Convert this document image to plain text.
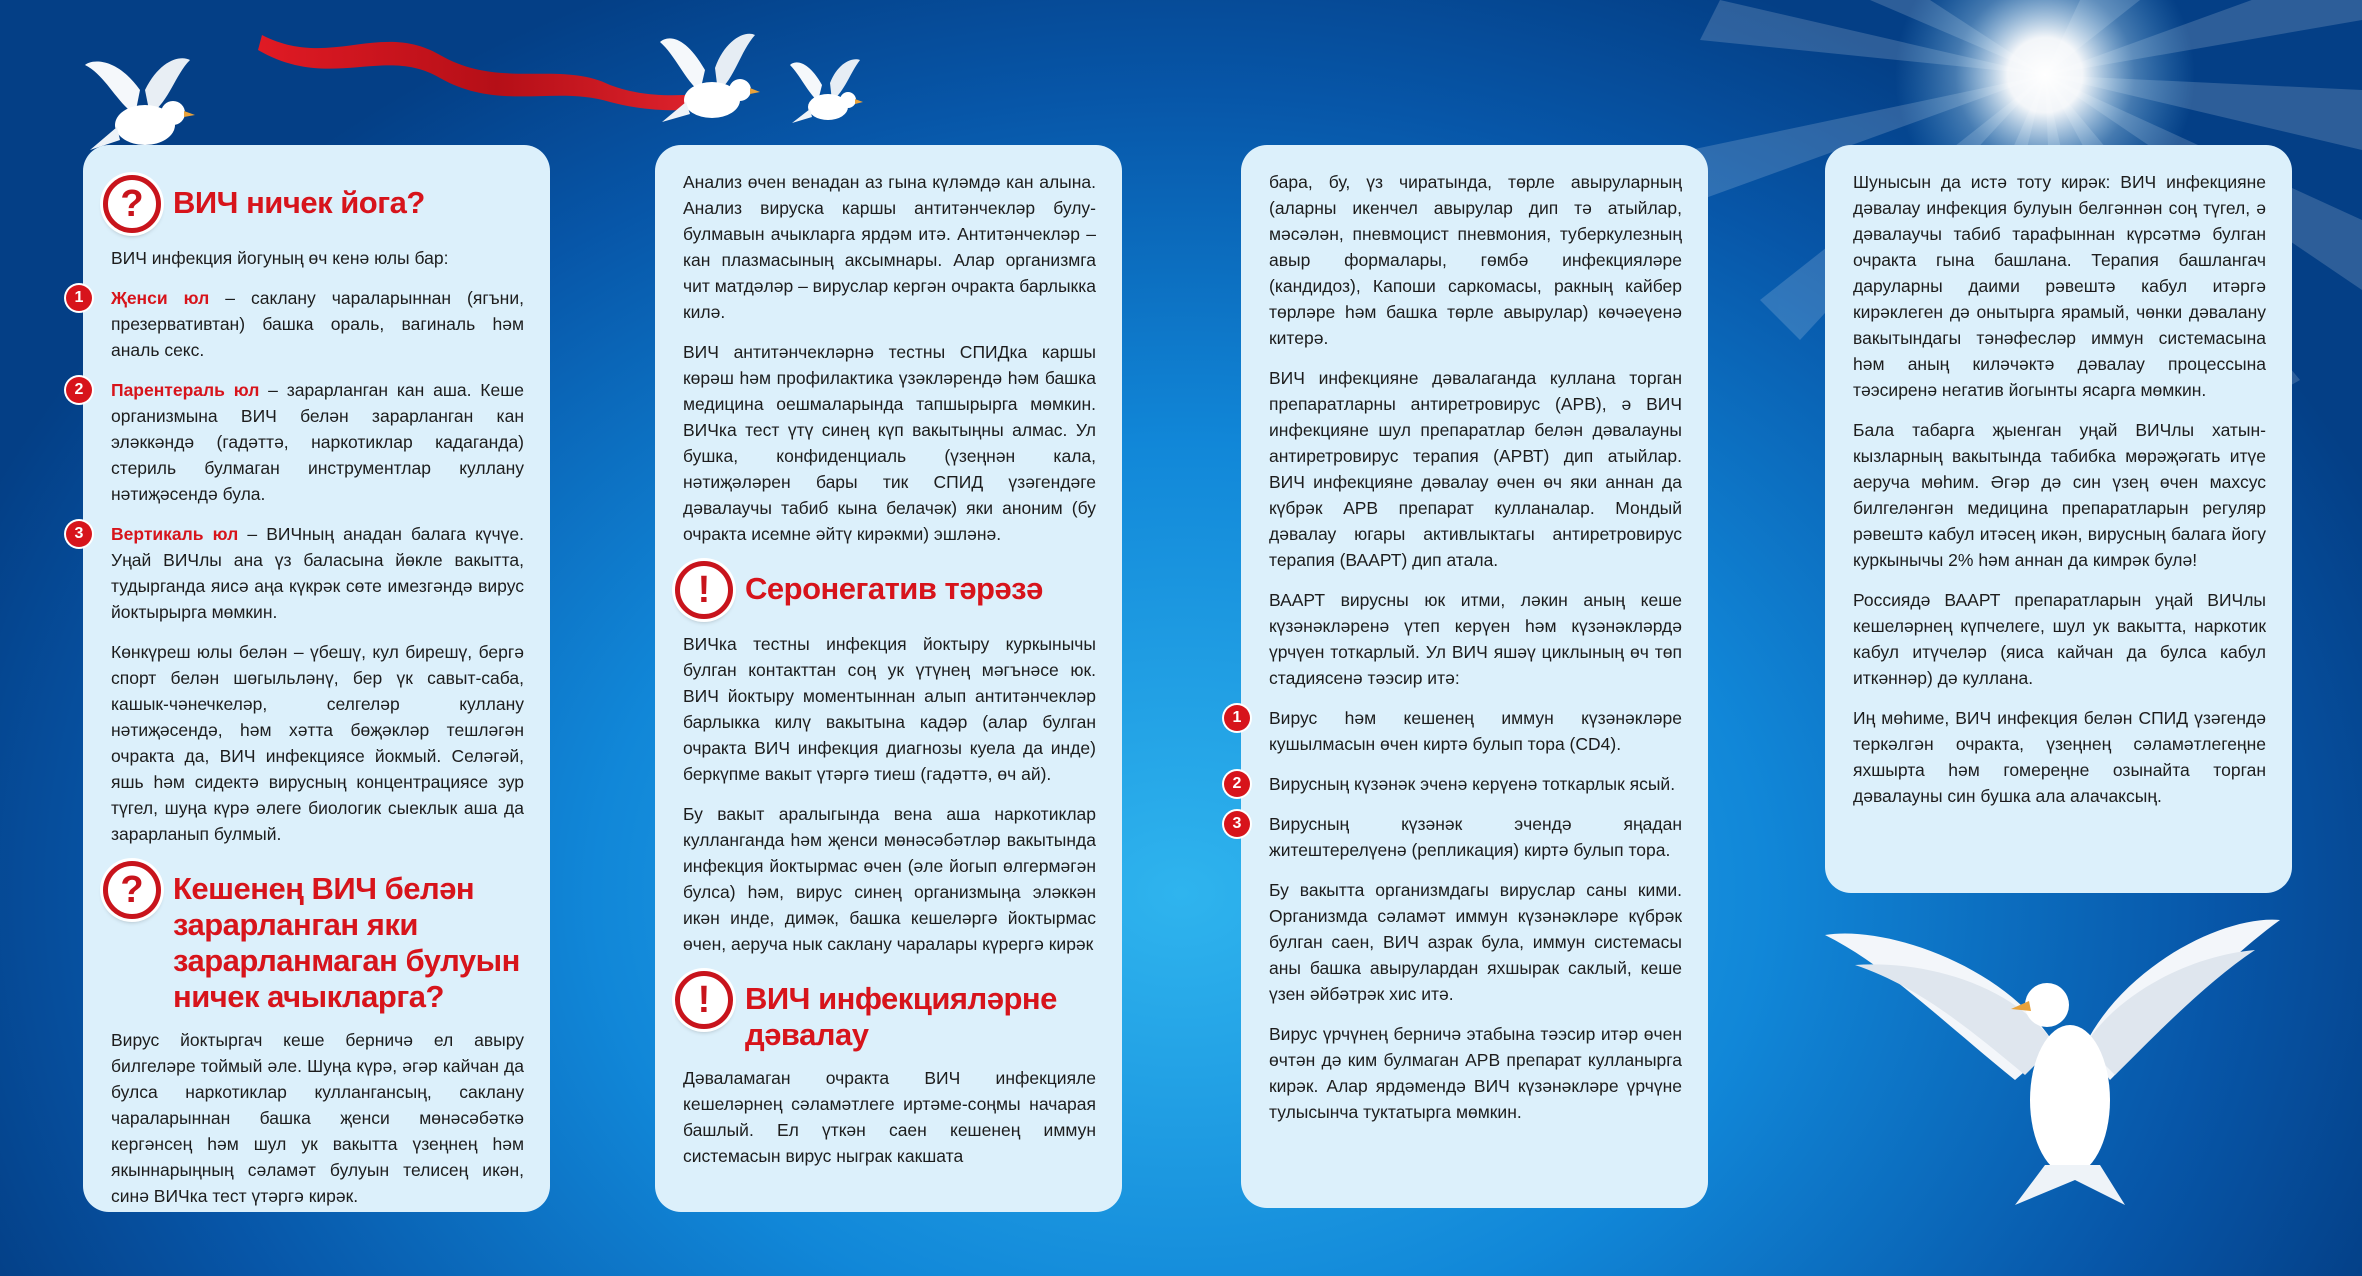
? ВИЧ ничек йога?

ВИЧ инфекция йогуның өч кенә юлы бар:

1	Җенси юл – саклану чараларыннан (ягъни, презервативтан) башка ораль, вагиналь һәм аналь секс.

2	Парентераль юл – зарарланган кан аша. Кеше организмына ВИЧ белән зарарланган кан эләккәндә (гадәттә, наркотиклар кадаганда) стериль булмаган инструментлар куллану нәтиҗәсендә була.

3	Вертикаль юл – ВИЧның анадан балага күчүе. Уңай ВИЧлы ана үз баласына йөкле вакытта, тудырганда яисә аңа күкрәк сөте имезгәндә вирус йоктырырга мөмкин.

Көнкүреш юлы белән – үбешү, кул бирешү, бергә спорт белән шөгыльләнү, бер үк савыт-саба, кашык-чәнечкеләр, селгеләр куллану нәтиҗәсендә, һәм хәтта бөҗәкләр тешләгән очракта да, ВИЧ инфекциясе йокмый. Селәгәй, яшь һәм сидектә вирусның концентрациясе зур түгел, шуңа күрә әлеге биологик сыеклык аша да зарарланып булмый.

? Кешенең ВИЧ белән зарарланган яки зарарланмаган булуын ничек ачыкларга?

Вирус йоктыргач кеше берничә ел авыру билгеләре тоймый әле. Шуңа күрә, әгәр кайчан да булса наркотиклар куллангансың, саклану чараларыннан башка җенси мөнәсәбәткә кергәнсең һәм шул ук вакытта үзеңнең һәм якыннарыңның сәламәт булуын телисең икән, синә ВИЧка тест үтәргә кирәк.

Анализ өчен венадан аз гына күләмдә кан алына. Анализ вируска каршы антитәнчекләр булу-булмавын ачыкларга ярдәм итә. Антитәнчекләр – кан плазмасының аксымнары. Алар организмга чит матдәләр – вируслар кергән очракта барлыкка килә.

ВИЧ антитәнчекләрнә тестны СПИДка каршы көрәш һәм профилактика үзәкләрендә һәм башка медицина оешмаларында тапшырырга мөмкин. ВИЧка тест үтү синең күп вакытыңны алмас. Ул бушка, конфиденциаль (үзеңнән кала, нәтиҗәләрен бары тик СПИД үзәгендәге дәвалаучы табиб кына белачәк) яки аноним (бу очракта исемне әйтү кирәкми) эшләнә.

!	Серонегатив тәрәзә

ВИЧка тестны инфекция йоктыру куркынычы булган контакттан соң ук үтүнең мәгънәсе юк. ВИЧ йоктыру моментыннан алып антитәнчекләр барлыкка килү вакытына кадәр (алар булган очракта ВИЧ инфекция диагнозы куела да инде) беркүпме вакыт үтәргә тиеш (гадәттә, өч ай).

Бу вакыт аралыгында вена аша наркотиклар кулланганда һәм җенси мөнәсәбәтләр вакытында инфекция йоктырмас өчен (әле йогып өлгермәгән булса) һәм, вирус синең организмыңа эләккән икән инде, димәк, башка кешеләргә йоктырмас өчен, аеруча нык саклану чаралары күрергә кирәк

!	ВИЧ инфекцияләрне дәвалау

Дәваламаган очракта ВИЧ инфекцияле кешеләрнең сәламәтлеге иртәме-соңмы начарая башлый. Ел үткән саен кешенең иммун системасын вирус ныграк какшата

бара, бу, үз чиратында, төрле авыруларның (аларны икенчел авырулар дип тә атыйлар, мәсәлән, пневмоцист пневмония, туберкулезның авыр формалары, гөмбә инфекцияләре (кандидоз), Капоши саркомасы, ракның кайбер төрләре һәм башка төрле авырулар) көчәеүенә китерә.

ВИЧ инфекцияне дәвалаганда куллана торган препаратларны антиретровирус (АРВ), ә ВИЧ инфекцияне шул препаратлар белән дәвалауны антиретровирус терапия (АРВТ) дип атыйлар. ВИЧ инфекцияне дәвалау өчен өч яки аннан да күбрәк АРВ препарат кулланалар. Мондый дәвалау югары активлыктагы антиретровирус терапия (ВААРТ) дип атала.

ВААРТ вирусны юк итми, ләкин аның кеше күзәнәкләренә үтеп керүен һәм күзәнәкләрдә үрчүен тоткарлый. Ул ВИЧ яшәү циклының өч төп стадиясенә тәэсир итә:

1	Вирус һәм кешенең иммун күзәнәкләре кушылмасын өчен киртә булып тора (CD4).

2	Вирусның күзәнәк эченә керүенә тоткарлык ясый.

3	Вирусның күзәнәк эчендә яңадан житештерелүенә (репликация) киртә булып тора.

Бу вакытта организмдагы вируслар саны кими. Организмда сәламәт иммун күзәнәкләре күбрәк булган саен, ВИЧ азрак була, иммун системасы аны башка авырулардан яхшырак саклый, кеше үзен әйбәтрәк хис итә.

Вирус үрчүнең берничә этабына тәэсир итәр өчен өчтән дә ким булмаган АРВ препарат кулланырга кирәк. Алар ярдәмендә ВИЧ күзәнәкләре үрчүне тулысынча туктатырга мөмкин.

Шунысын да истә тоту кирәк: ВИЧ инфекцияне дәвалау инфекция булуын белгәннән соң түгел, ә дәвалаучы табиб тарафыннан күрсәтмә булган очракта гына башлана. Терапия башлангач даруларны даими рәвештә кабул итәргә кирәклеген дә онытырга ярамый, чөнки дәвалану вакытындагы тәнәфесләр иммун системасына һәм аның киләчәктә дәвалау процессына тәэсиренә негатив йогынты ясарга мөмкин.

Бала табарга җыенган уңай ВИЧлы хатын-кызларның вакытында табибка мөрәҗәгать итүе аеруча мөһим. Әгәр дә син үзең өчен махсус билгеләнгән медицина препаратларын регуляр рәвештә кабул итәсең икән, вирусның балага йогу куркынычы 2% һәм аннан да кимрәк булә!

Россиядә ВААРТ препаратларын уңай ВИЧлы кешеләрнең күпчелеге, шул ук вакытта, наркотик кабул итүчеләр (яиса кайчан да булса кабул иткәннәр) дә куллана.

Иң мөһиме, ВИЧ инфекция белән СПИД үзәгендә теркәлгән очракта, үзеңнең сәламәтлегеңне яхшырта һәм гомереңне озынайта торган дәвалауны син бушка ала алачаксың.
